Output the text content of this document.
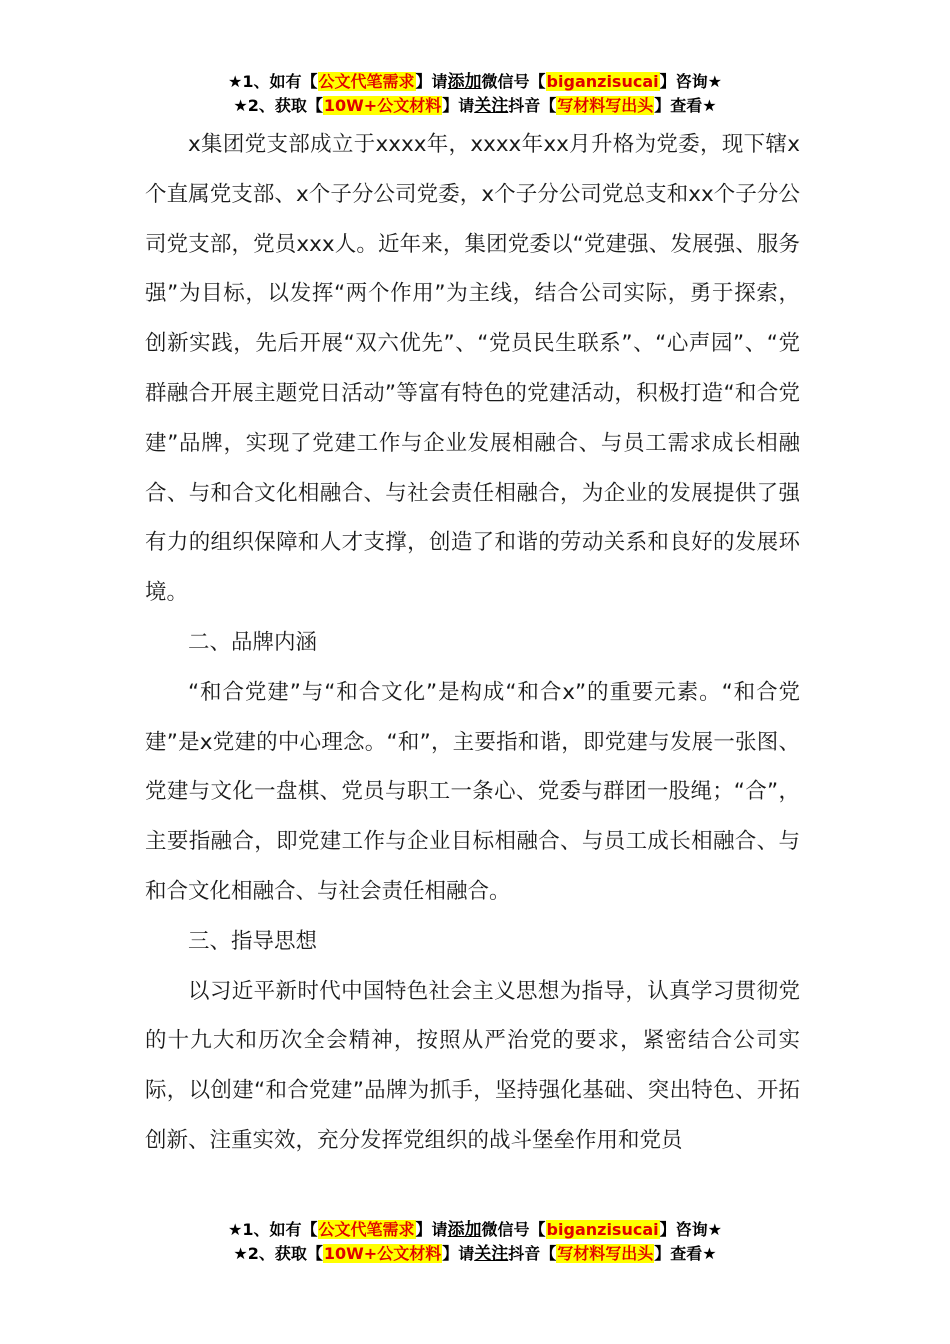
★1、如有【公文代笔需求】请添加微信号【biganzisucai】咨询★
★2、获取【10W+公文材料】请关注抖音【写材料写出头】查看★

x集团党支部成立于xxxx年，xxxx年xx月升格为党委，现下辖x个直属党支部、x个子分公司党委，x个子分公司党总支和xx个子分公司党支部，党员xxx人。近年来，集团党委以“党建强、发展强、服务强”为目标，以发挥“两个作用”为主线，结合公司实际，勇于探索，创新实践，先后开展“双六优先”、“党员民生联系”、“心声园”、“党群融合开展主题党日活动”等富有特色的党建活动，积极打造“和合党建”品牌，实现了党建工作与企业发展相融合、与员工需求成长相融合、与和合文化相融合、与社会责任相融合，为企业的发展提供了强有力的组织保障和人才支撑，创造了和谐的劳动关系和良好的发展环境。

二、品牌内涵

“和合党建”与“和合文化”是构成“和合x”的重要元素。“和合党建”是x党建的中心理念。“和”，主要指和谐，即党建与发展一张图、党建与文化一盘棋、党员与职工一条心、党委与群团一股绳；“合”，主要指融合，即党建工作与企业目标相融合、与员工成长相融合、与和合文化相融合、与社会责任相融合。

三、指导思想

以习近平新时代中国特色社会主义思想为指导，认真学习贯彻党的十九大和历次全会精神，按照从严治党的要求，紧密结合公司实际，以创建“和合党建”品牌为抓手，坚持强化基础、突出特色、开拓创新、注重实效，充分发挥党组织的战斗堡垒作用和党员

★1、如有【公文代笔需求】请添加微信号【biganzisucai】咨询★
★2、获取【10W+公文材料】请关注抖音【写材料写出头】查看★
